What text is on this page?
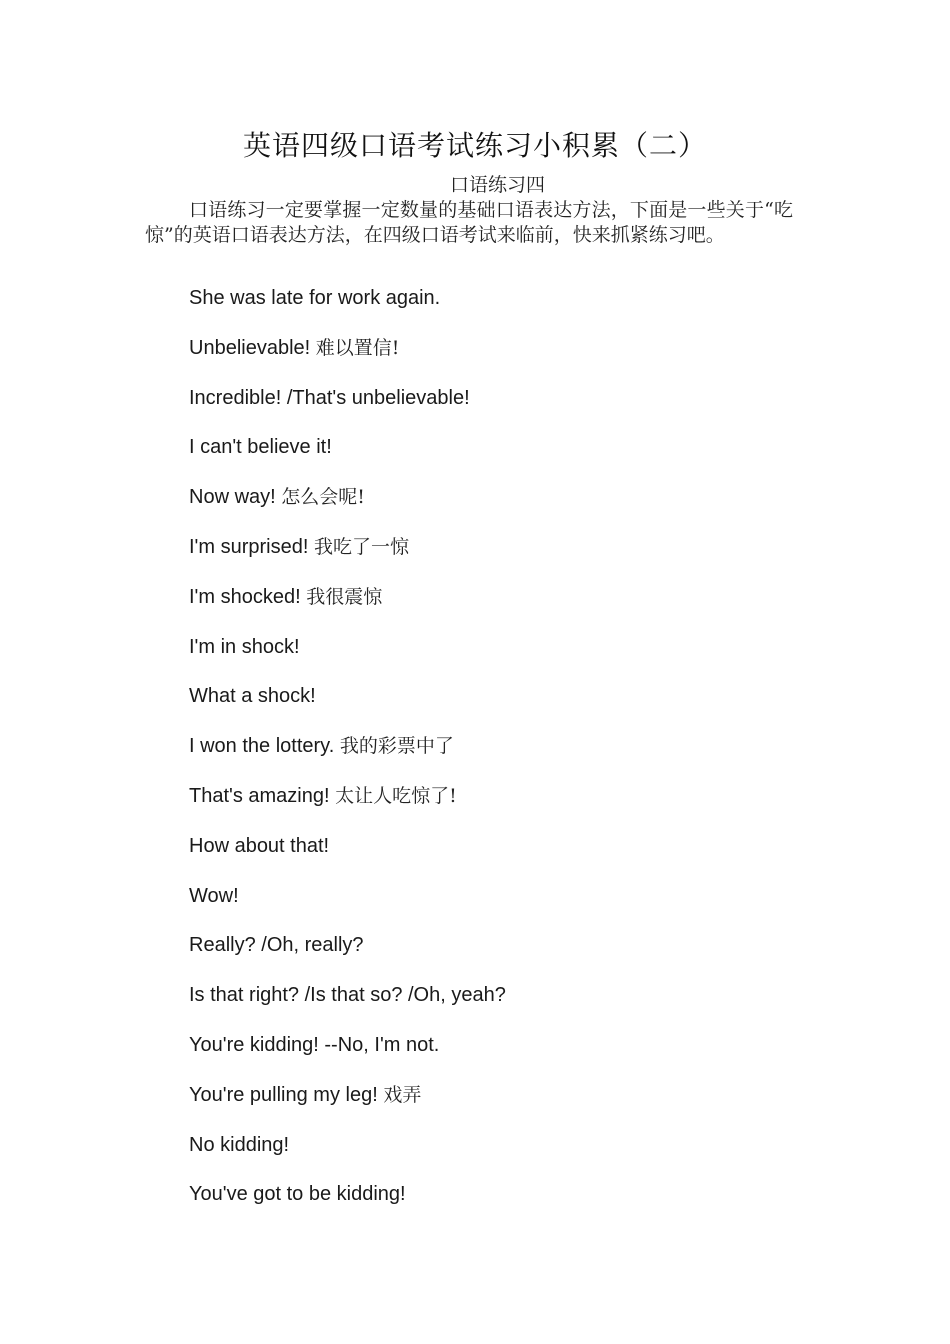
英语四级口语考试练习小积累（二）
口语练习四

口语练习一定要掌握一定数量的基础口语表达方法，下面是一些关于“吃惊”的英语口语表达方法，在四级口语考试来临前，快来抓紧练习吧。

She was late for work again.
Unbelievable! 难以置信!
Incredible! /That's unbelievable!
I can't believe it!
Now way! 怎么会呢!
I'm surprised! 我吃了一惊
I'm shocked! 我很震惊
I'm in shock!
What a shock!
I won the lottery. 我的彩票中了
That's amazing! 太让人吃惊了!
How about that!
Wow!
Really? /Oh, really?
Is that right? /Is that so? /Oh, yeah?
You're kidding! --No, I'm not.
You're pulling my leg! 戏弄
No kidding!
You've got to be kidding!
